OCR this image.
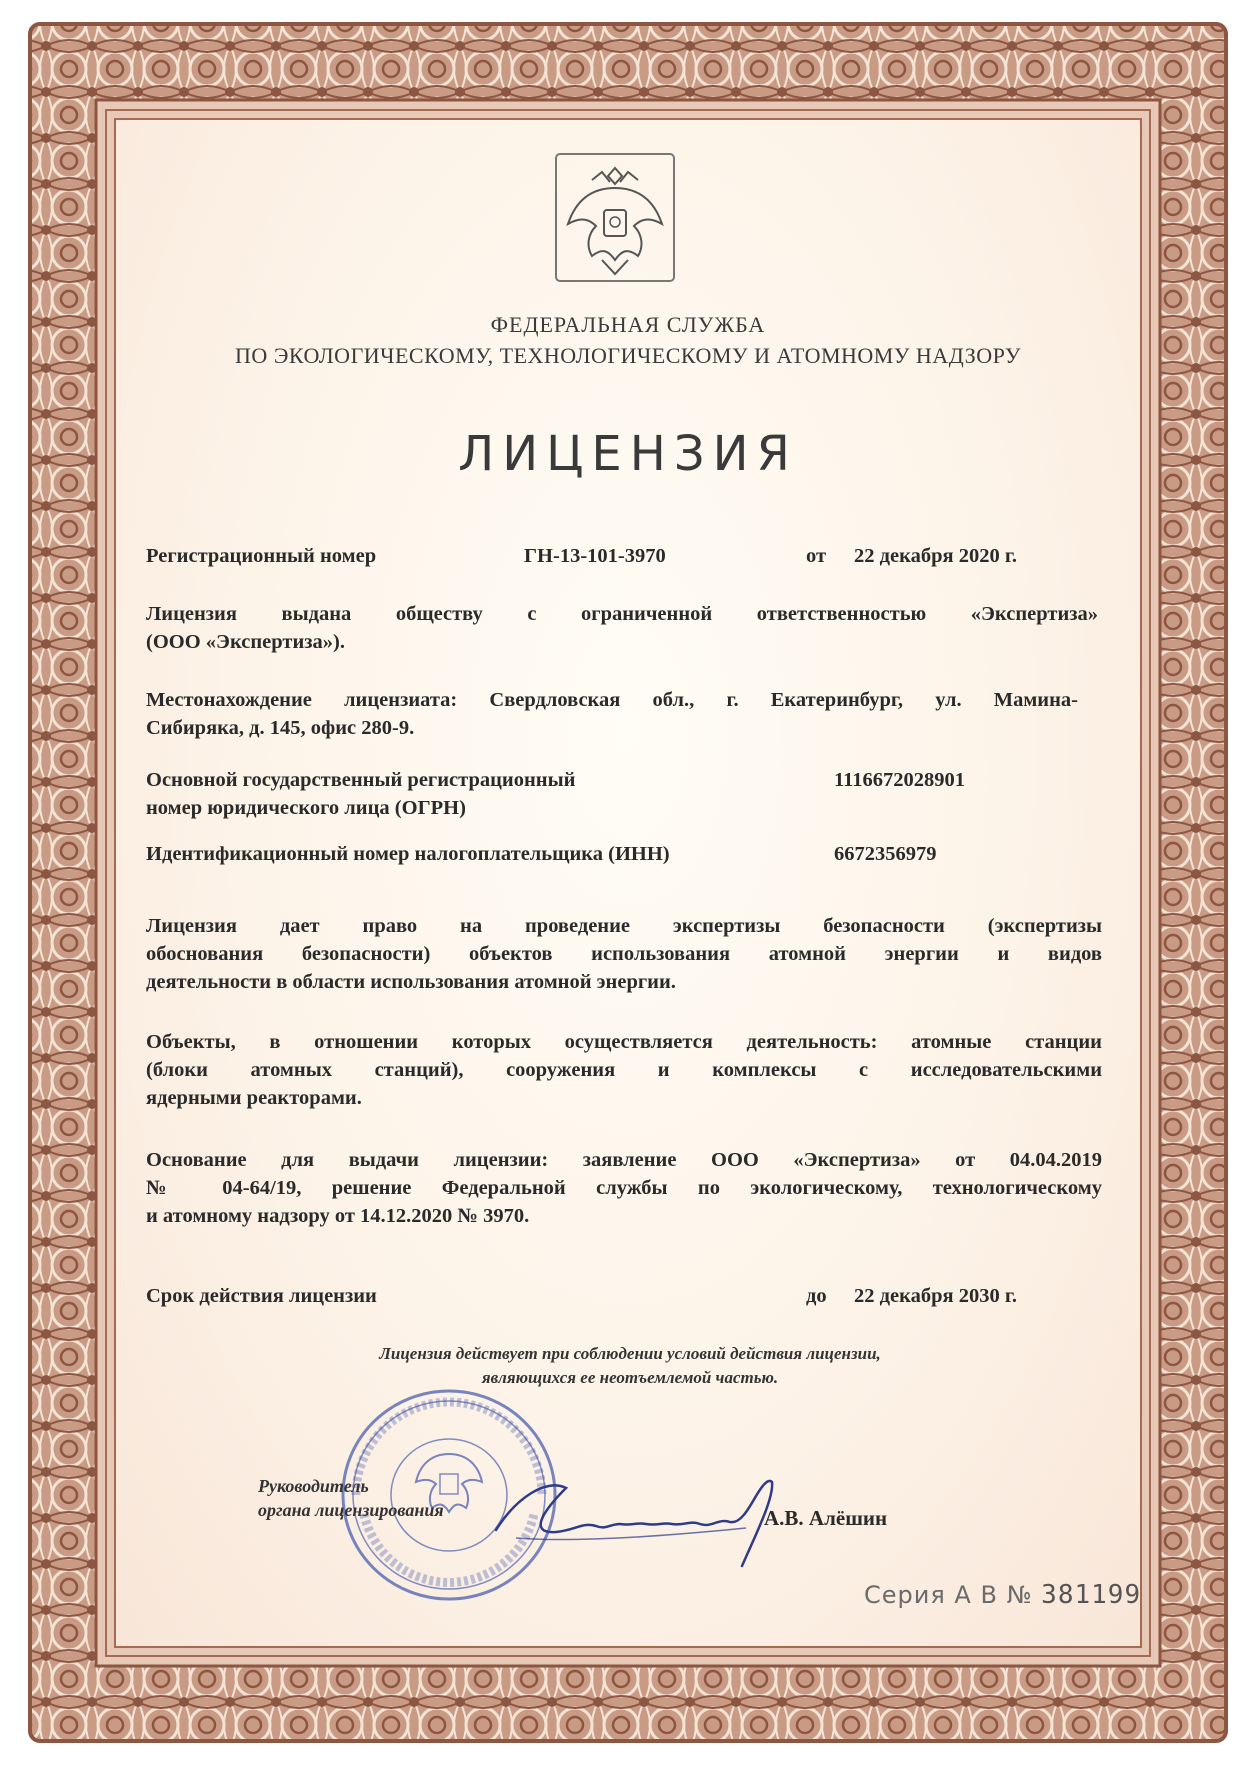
ФЕДЕРАЛЬНАЯ СЛУЖБА
ПО ЭКОЛОГИЧЕСКОМУ, ТЕХНОЛОГИЧЕСКОМУ И АТОМНОМУ НАДЗОРУ
ЛИЦЕНЗИЯ
Регистрационный номер	ГН-13-101-3970	от 22 декабря 2020 г.
Лицензия выдана обществу с ограниченной ответственностью «Экспертиза»
(ООО «Экспертиза»).
Местонахождение лицензиата: Свердловская обл., г. Екатеринбург, ул. Мамина-
Сибиряка, д. 145, офис 280-9.
Основной государственный регистрационный
номер юридического лица (ОГРН)
1116672028901
Идентификационный номер налогоплательщика (ИНН)	6672356979
Лицензия дает право на проведение экспертизы безопасности (экспертизы
обоснования безопасности) объектов использования атомной энергии и видов
деятельности в области использования атомной энергии.
Объекты, в отношении которых осуществляется деятельность: атомные станции
(блоки атомных станций), сооружения и комплексы с исследовательскими
ядерными реакторами.
Основание для выдачи лицензии: заявление ООО «Экспертиза» от 04.04.2019
№ 04-64/19, решение Федеральной службы по экологическому, технологическому
и атомному надзору от 14.12.2020 № 3970.
Срок действия лицензии	до 22 декабря 2030 г.
Лицензия действует при соблюдении условий действия лицензии,
являющихся ее неотъемлемой частью.
Руководитель
органа лицензирования	А.В. Алёшин
Серия А В № 381199
